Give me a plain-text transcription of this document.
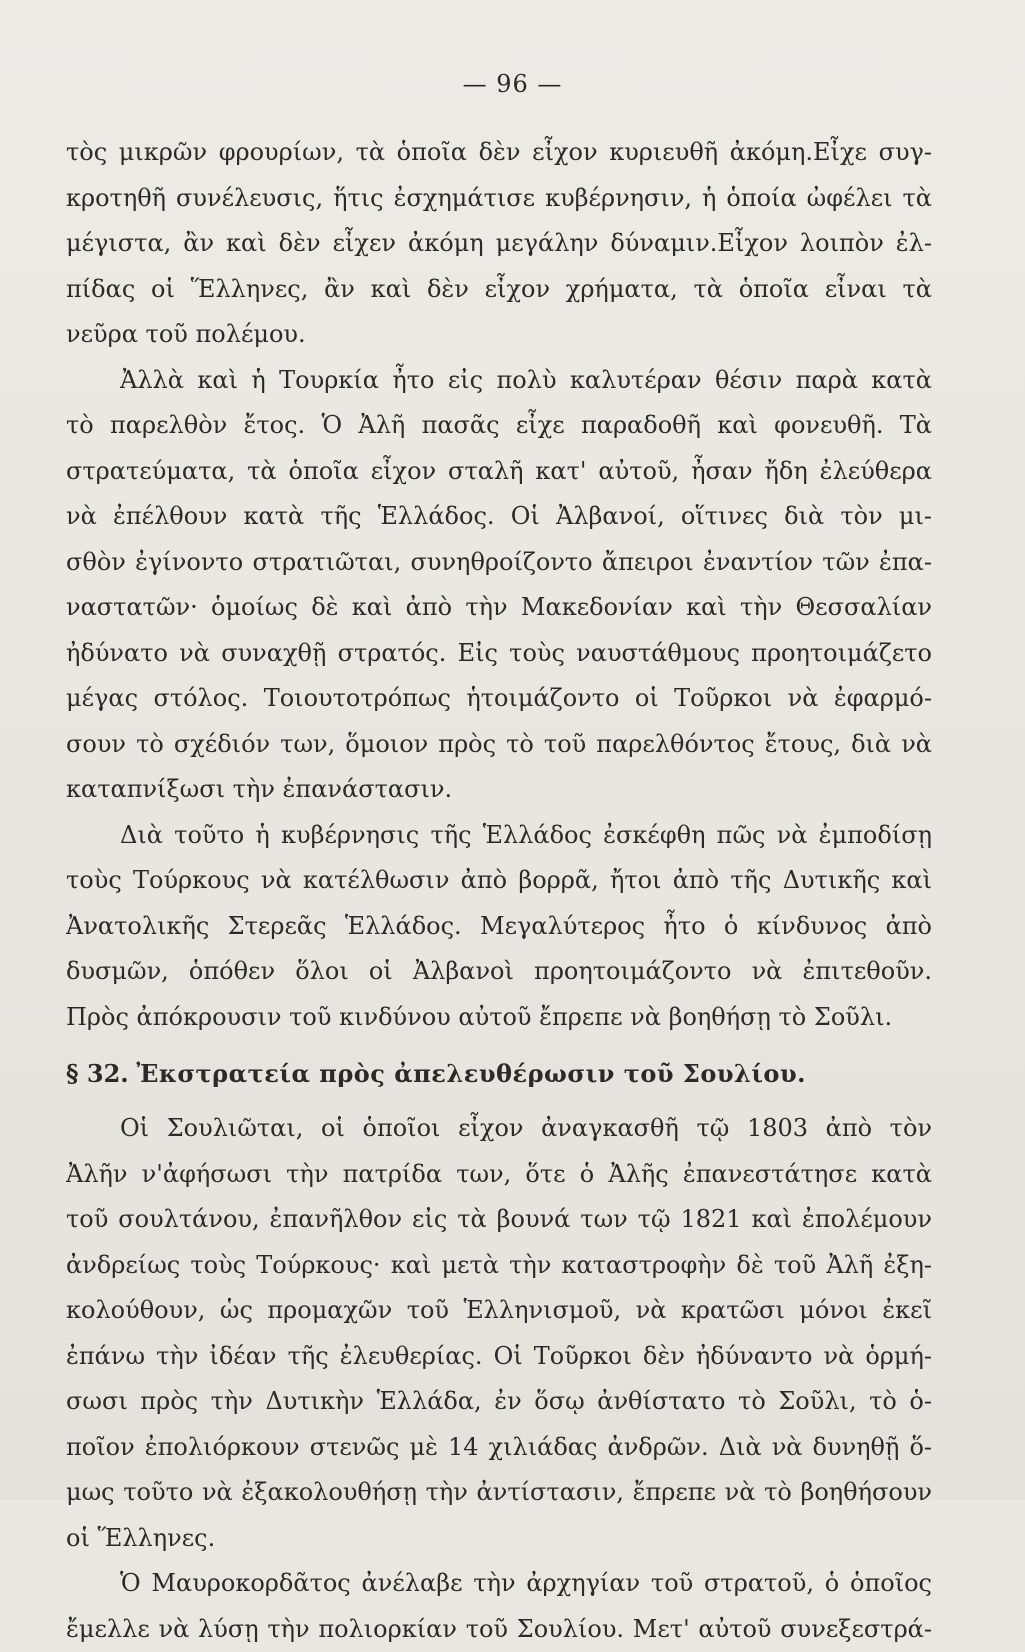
— 96 —
τὸς μικρῶν φρουρίων, τὰ ὁποῖα δὲν εἶχον κυριευθῆ ἀκόμη.Εἶχε συγ-
κροτηθῆ συνέλευσις, ἥτις ἐσχημάτισε κυβέρνησιν, ἡ ὁποία ὠφέλει τὰ
μέγιστα, ἂν καὶ δὲν εἶχεν ἀκόμη μεγάλην δύναμιν.Εἶχον λοιπὸν ἐλ-
πίδας οἱ Ἕλληνες, ἂν καὶ δὲν εἶχον χρήματα, τὰ ὁποῖα εἶναι τὰ
νεῦρα τοῦ πολέμου.
Ἀλλὰ καὶ ἡ Τουρκία ἦτο εἰς πολὺ καλυτέραν θέσιν παρὰ κατὰ
τὸ παρελθὸν ἔτος. Ὁ Ἀλῆ πασᾶς εἶχε παραδοθῆ καὶ φονευθῆ. Τὰ
στρατεύματα, τὰ ὁποῖα εἶχον σταλῆ κατ' αὐτοῦ, ἦσαν ἤδη ἐλεύθερα
νὰ ἐπέλθουν κατὰ τῆς Ἑλλάδος. Οἱ Ἀλβανοί, οἵτινες διὰ τὸν μι-
σθὸν ἐγίνοντο στρατιῶται, συνηθροίζοντο ἄπειροι ἐναντίον τῶν ἐπα-
ναστατῶν· ὁμοίως δὲ καὶ ἀπὸ τὴν Μακεδονίαν καὶ τὴν Θεσσαλίαν
ἠδύνατο νὰ συναχθῇ στρατός. Εἰς τοὺς ναυστάθμους προητοιμάζετο
μέγας στόλος. Τοιουτοτρόπως ἡτοιμάζοντο οἱ Τοῦρκοι νὰ ἐφαρμό-
σουν τὸ σχέδιόν των, ὅμοιον πρὸς τὸ τοῦ παρελθόντος ἔτους, διὰ νὰ
καταπνίξωσι τὴν ἐπανάστασιν.
Διὰ τοῦτο ἡ κυβέρνησις τῆς Ἑλλάδος ἐσκέφθη πῶς νὰ ἐμποδίσῃ
τοὺς Τούρκους νὰ κατέλθωσιν ἀπὸ βορρᾶ, ἤτοι ἀπὸ τῆς Δυτικῆς καὶ
Ἀνατολικῆς Στερεᾶς Ἑλλάδος. Μεγαλύτερος ἦτο ὁ κίνδυνος ἀπὸ
δυσμῶν, ὁπόθεν ὅλοι οἱ Ἀλβανοὶ προητοιμάζοντο νὰ ἐπιτεθοῦν.
Πρὸς ἀπόκρουσιν τοῦ κινδύνου αὐτοῦ ἔπρεπε νὰ βοηθήσῃ τὸ Σοῦλι.
§ 32. Ἐκστρατεία πρὸς ἀπελευθέρωσιν τοῦ Σουλίου.
Οἱ Σουλιῶται, οἱ ὁποῖοι εἶχον ἀναγκασθῆ τῷ 1803 ἀπὸ τὸν
Ἀλῆν ν'ἀφήσωσι τὴν πατρίδα των, ὅτε ὁ Ἀλῆς ἐπανεστάτησε κατὰ
τοῦ σουλτάνου, ἐπανῆλθον εἰς τὰ βουνά των τῷ 1821 καὶ ἐπολέμουν
ἀνδρείως τοὺς Τούρκους· καὶ μετὰ τὴν καταστροφὴν δὲ τοῦ Ἀλῆ ἐξη-
κολούθουν, ὡς προμαχῶν τοῦ Ἑλληνισμοῦ, νὰ κρατῶσι μόνοι ἐκεῖ
ἐπάνω τὴν ἰδέαν τῆς ἐλευθερίας. Οἱ Τοῦρκοι δὲν ἠδύναντο νὰ ὁρμή-
σωσι πρὸς τὴν Δυτικὴν Ἑλλάδα, ἐν ὅσῳ ἀνθίστατο τὸ Σοῦλι, τὸ ὁ-
ποῖον ἐπολιόρκουν στενῶς μὲ 14 χιλιάδας ἀνδρῶν. Διὰ νὰ δυνηθῇ ὅ-
μως τοῦτο νὰ ἐξακολουθήσῃ τὴν ἀντίστασιν, ἔπρεπε νὰ τὸ βοηθήσουν
οἱ Ἕλληνες.
Ὁ Μαυροκορδᾶτος ἀνέλαβε τὴν ἀρχηγίαν τοῦ στρατοῦ, ὁ ὁποῖος
ἔμελλε νὰ λύσῃ τὴν πολιορκίαν τοῦ Σουλίου. Μετ' αὐτοῦ συνεξεστρά-
